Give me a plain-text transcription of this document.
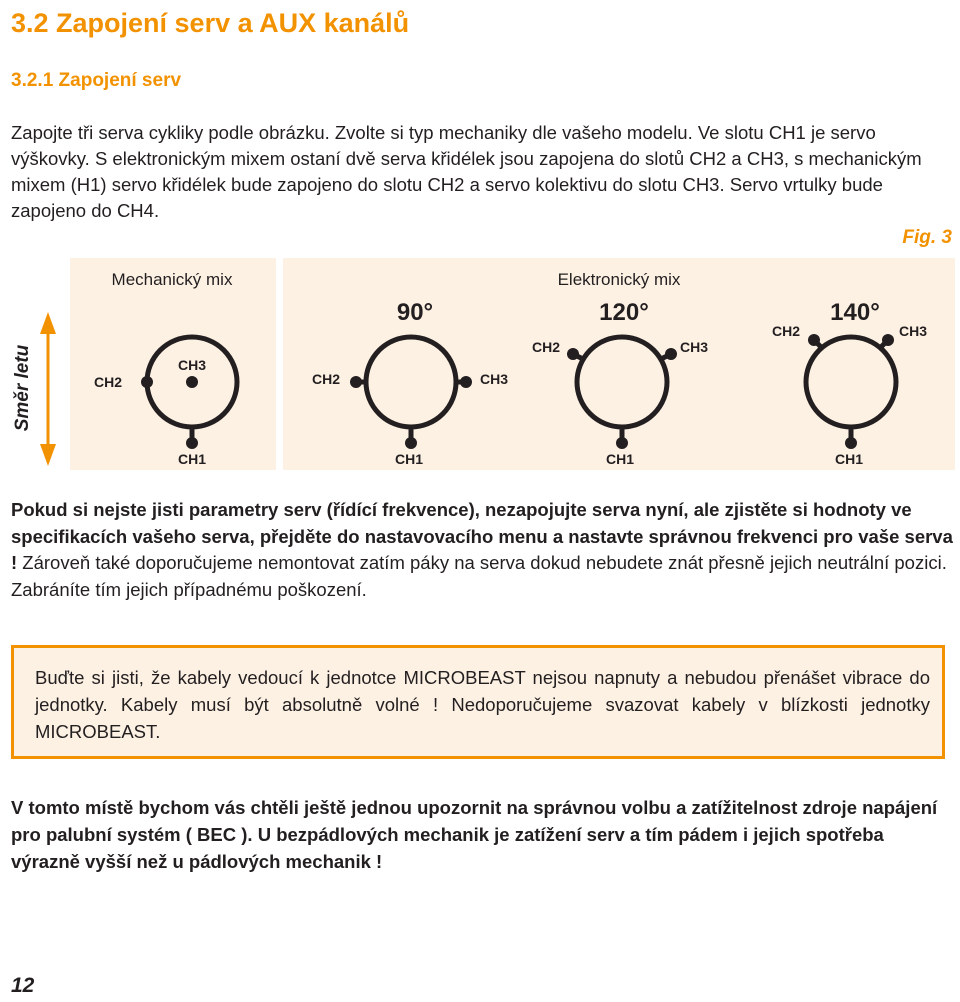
3.2 Zapojení serv a AUX kanálů
3.2.1 Zapojení serv

Zapojte tři serva cykliky podle obrázku. Zvolte si typ mechaniky dle vašeho modelu. Ve slotu CH1 je servo výškovky. S elektronickým mixem ostaní dvě serva křidélek jsou zapojena do slotů CH2 a CH3, s mechanickým mixem (H1) servo křidélek bude zapojeno do slotu CH2 a servo kolektivu do slotu CH3. Servo vrtulky bude zapojeno do CH4.

Fig. 3
Směr letu
Mechanický mix	Elektronický mix
CH2
CH3
CH1
90°
CH2	CH3
CH1
120°
CH2	CH3
CH1
140°
CH2	CH3
CH1

Pokud si nejste jisti parametry serv (řídící frekvence), nezapojujte serva nyní, ale zjistěte si hodnoty ve specifikacích vašeho serva, přejděte do nastavovacího menu a nastavte správnou frekvenci pro vaše serva ! Zároveň také doporučujeme nemontovat zatím páky na serva dokud nebudete znát přesně jejich neutrální pozici. Zabráníte tím jejich případnému poškození.

Buďte si jisti, že kabely vedoucí k jednotce MICROBEAST nejsou napnuty a nebudou přenášet vibrace do jednotky. Kabely musí být absolutně volné ! Nedoporučujeme svazovat kabely v blízkosti jednotky MICROBEAST.

V tomto místě bychom vás chtěli ještě jednou upozornit na správnou volbu a zatížitelnost zdroje napájení pro palubní systém ( BEC ). U bezpádlových mechanik je zatížení serv a tím pádem i jejich spotřeba výrazně vyšší než u pádlových mechanik !

12
